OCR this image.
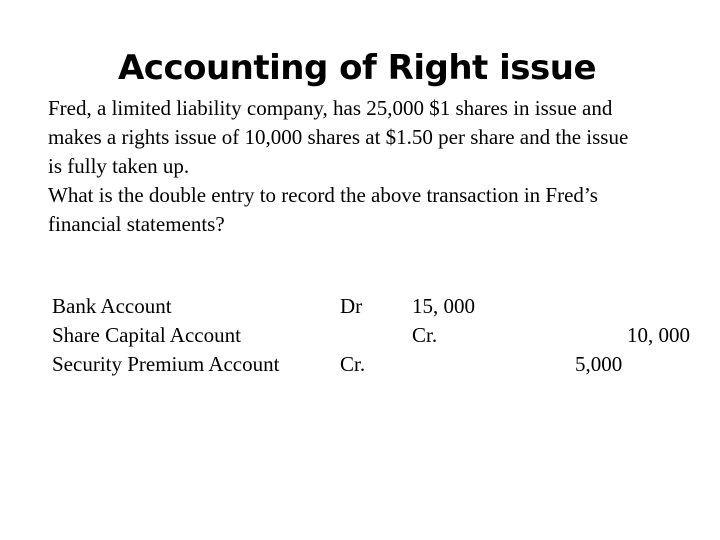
Accounting of Right issue

Fred, a limited liability company, has 25,000 $1 shares in issue and

makes a rights issue of 10,000 shares at $1.50 per share and the issue

is fully taken up.

What is the double entry to record the above transaction in Fred’s

financial statements?

Bank Account
Share Capital Account
Security Premium Account
Dr 15, 000
Cr.	10, 000
Cr.	5,000
